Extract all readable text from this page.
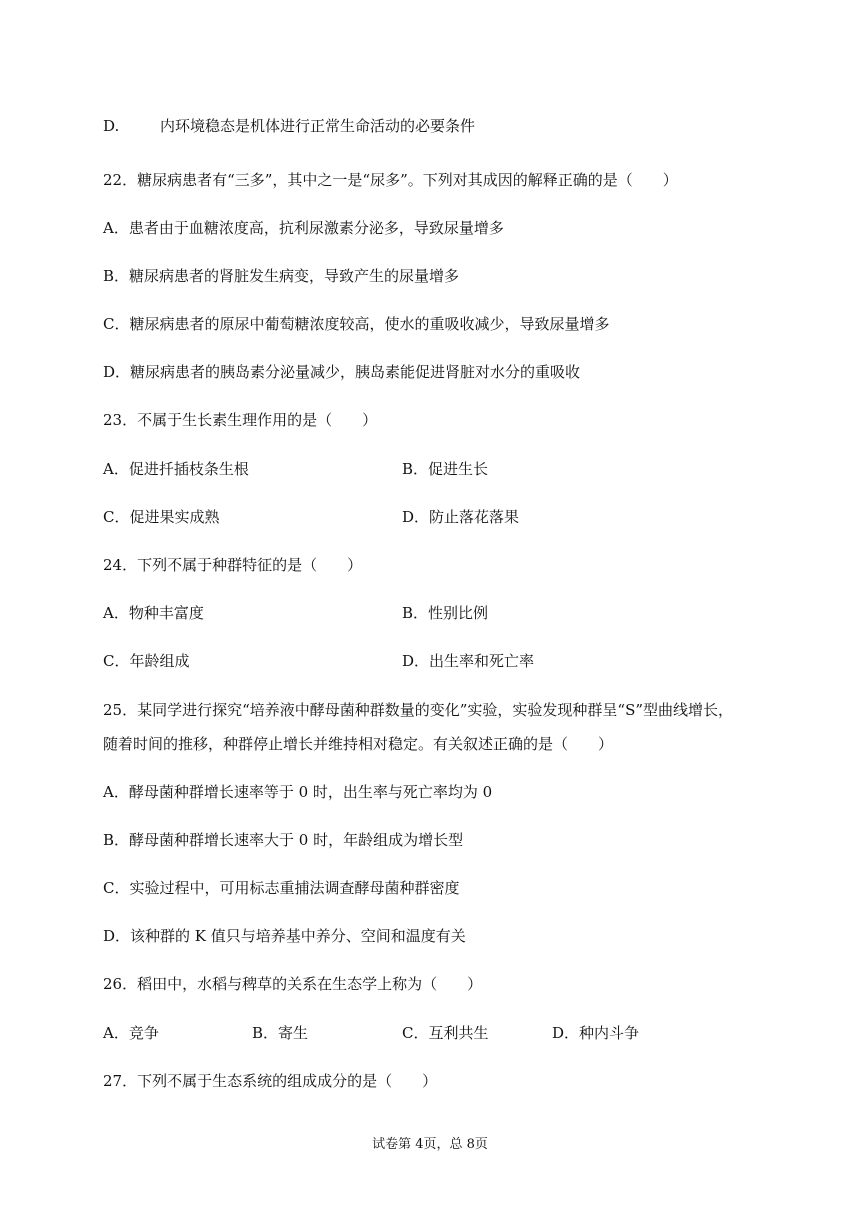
D.	内环境稳态是机体进行正常生命活动的必要条件
22．糖尿病患者有“三多”，其中之一是“尿多”。下列对其成因的解释正确的是（　　）
A．患者由于血糖浓度高，抗利尿激素分泌多，导致尿量增多
B．糖尿病患者的肾脏发生病变，导致产生的尿量增多
C．糖尿病患者的原尿中葡萄糖浓度较高，使水的重吸收减少，导致尿量增多
D．糖尿病患者的胰岛素分泌量减少，胰岛素能促进肾脏对水分的重吸收
23．不属于生长素生理作用的是（　　）
A．促进扦插枝条生根	B．促进生长
C．促进果实成熟	D．防止落花落果
24．下列不属于种群特征的是（　　）
A．物种丰富度	B．性别比例
C．年龄组成	D．出生率和死亡率
25．某同学进行探究“培养液中酵母菌种群数量的变化”实验，实验发现种群呈“S”型曲线增长，
随着时间的推移，种群停止增长并维持相对稳定。有关叙述正确的是（　　）
A．酵母菌种群增长速率等于 0 时，出生率与死亡率均为 0
B．酵母菌种群增长速率大于 0 时，年龄组成为增长型
C．实验过程中，可用标志重捕法调查酵母菌种群密度
D．该种群的 K 值只与培养基中养分、空间和温度有关
26．稻田中，水稻与稗草的关系在生态学上称为（　　）
A．竞争	B．寄生	C．互利共生	D．种内斗争
27．下列不属于生态系统的组成成分的是（　　）
试卷第 4页，总 8页
